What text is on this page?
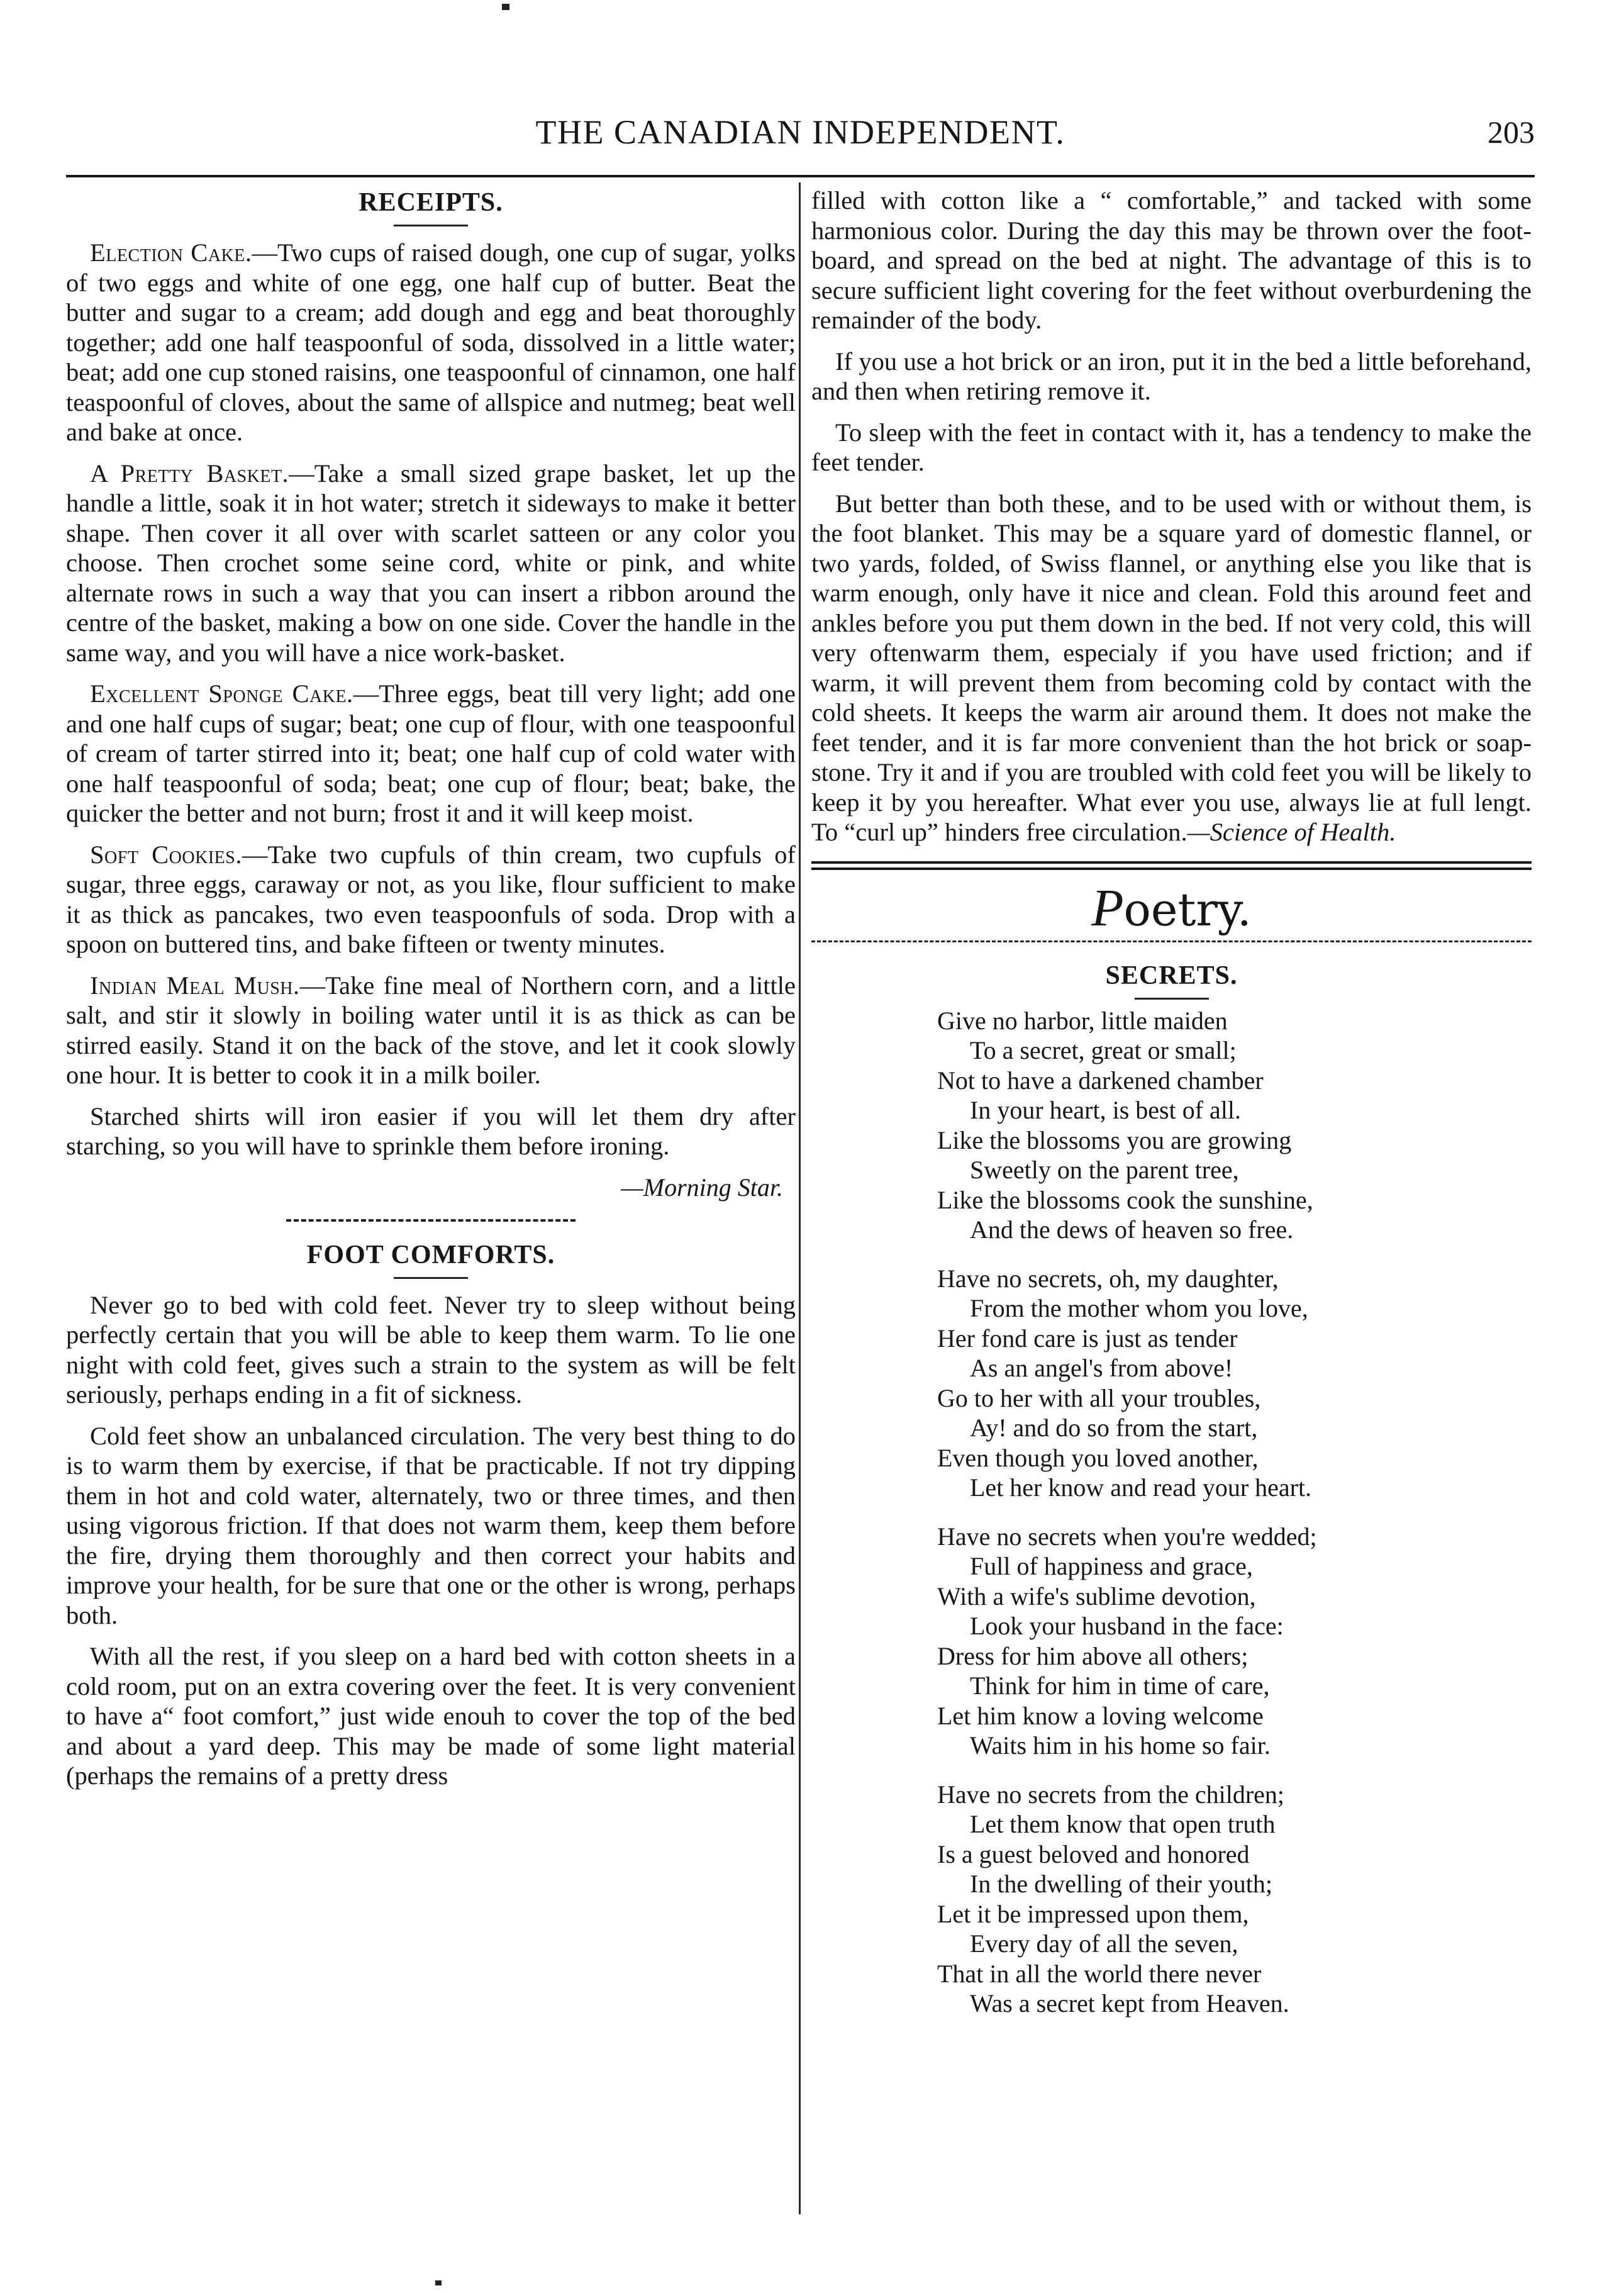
THE CANADIAN INDEPENDENT.	203
RECEIPTS.

Election Cake.—Two cups of raised dough, one cup of sugar, yolks of two eggs and white of one egg, one half cup of butter. Beat the butter and sugar to a cream; add dough and egg and beat thoroughly together; add one half teaspoonful of soda, dissolved in a little water; beat; add one cup stoned raisins, one teaspoonful of cinnamon, one half teaspoonful of cloves, about the same of allspice and nutmeg; beat well and bake at once.

A Pretty Basket.—Take a small sized grape basket, let up the handle a little, soak it in hot water; stretch it sideways to make it better shape. Then cover it all over with scarlet satteen or any color you choose. Then crochet some seine cord, white or pink, and white alternate rows in such a way that you can insert a ribbon around the centre of the basket, making a bow on one side. Cover the handle in the same way, and you will have a nice work-basket.

Excellent Sponge Cake.—Three eggs, beat till very light; add one and one half cups of sugar; beat; one cup of flour, with one teaspoonful of cream of tarter stirred into it; beat; one half cup of cold water with one half teaspoonful of soda; beat; one cup of flour; beat; bake, the quicker the better and not burn; frost it and it will keep moist.

Soft Cookies.—Take two cupfuls of thin cream, two cupfuls of sugar, three eggs, caraway or not, as you like, flour sufficient to make it as thick as pancakes, two even teaspoonfuls of soda. Drop with a spoon on buttered tins, and bake fifteen or twenty minutes.

Indian Meal Mush.—Take fine meal of Northern corn, and a little salt, and stir it slowly in boiling water until it is as thick as can be stirred easily. Stand it on the back of the stove, and let it cook slowly one hour. It is better to cook it in a milk boiler.

Starched shirts will iron easier if you will let them dry after starching, so you will have to sprinkle them before ironing.

—Morning Star.
FOOT COMFORTS.

Never go to bed with cold feet. Never try to sleep without being perfectly certain that you will be able to keep them warm. To lie one night with cold feet, gives such a strain to the system as will be felt seriously, perhaps ending in a fit of sickness.

Cold feet show an unbalanced circulation. The very best thing to do is to warm them by exercise, if that be practicable. If not try dipping them in hot and cold water, alternately, two or three times, and then using vigorous friction. If that does not warm them, keep them before the fire, drying them thoroughly and then correct your habits and improve your health, for be sure that one or the other is wrong, perhaps both.

With all the rest, if you sleep on a hard bed with cotton sheets in a cold room, put on an extra covering over the feet. It is very convenient to have a“ foot comfort,” just wide enouh to cover the top of the bed and about a yard deep. This may be made of some light material (perhaps the remains of a pretty dress

filled with cotton like a “ comfortable,” and tacked with some harmonious color. During the day this may be thrown over the foot-board, and spread on the bed at night. The advantage of this is to secure sufficient light covering for the feet without overburdening the remainder of the body.

If you use a hot brick or an iron, put it in the bed a little beforehand, and then when retiring remove it.

To sleep with the feet in contact with it, has a tendency to make the feet tender.

But better than both these, and to be used with or without them, is the foot blanket. This may be a square yard of domestic flannel, or two yards, folded, of Swiss flannel, or anything else you like that is warm enough, only have it nice and clean. Fold this around feet and ankles before you put them down in the bed. If not very cold, this will very oftenwarm them, especialy if you have used friction; and if warm, it will prevent them from becoming cold by contact with the cold sheets. It keeps the warm air around them. It does not make the feet tender, and it is far more convenient than the hot brick or soap-stone. Try it and if you are troubled with cold feet you will be likely to keep it by you hereafter. What ever you use, always lie at full lengt. To “curl up” hinders free circulation.—Science of Health.

Poetry.
SECRETS.
Give no harbor, little maiden
To a secret, great or small;
Not to have a darkened chamber
In your heart, is best of all.
Like the blossoms you are growing
Sweetly on the parent tree,
Like the blossoms cook the sunshine,
And the dews of heaven so free.
Have no secrets, oh, my daughter,
From the mother whom you love,
Her fond care is just as tender
As an angel's from above!
Go to her with all your troubles,
Ay! and do so from the start,
Even though you loved another,
Let her know and read your heart.
Have no secrets when you're wedded;
Full of happiness and grace,
With a wife's sublime devotion,
Look your husband in the face:
Dress for him above all others;
Think for him in time of care,
Let him know a loving welcome
Waits him in his home so fair.
Have no secrets from the children;
Let them know that open truth
Is a guest beloved and honored
In the dwelling of their youth;
Let it be impressed upon them,
Every day of all the seven,
That in all the world there never
Was a secret kept from Heaven.
